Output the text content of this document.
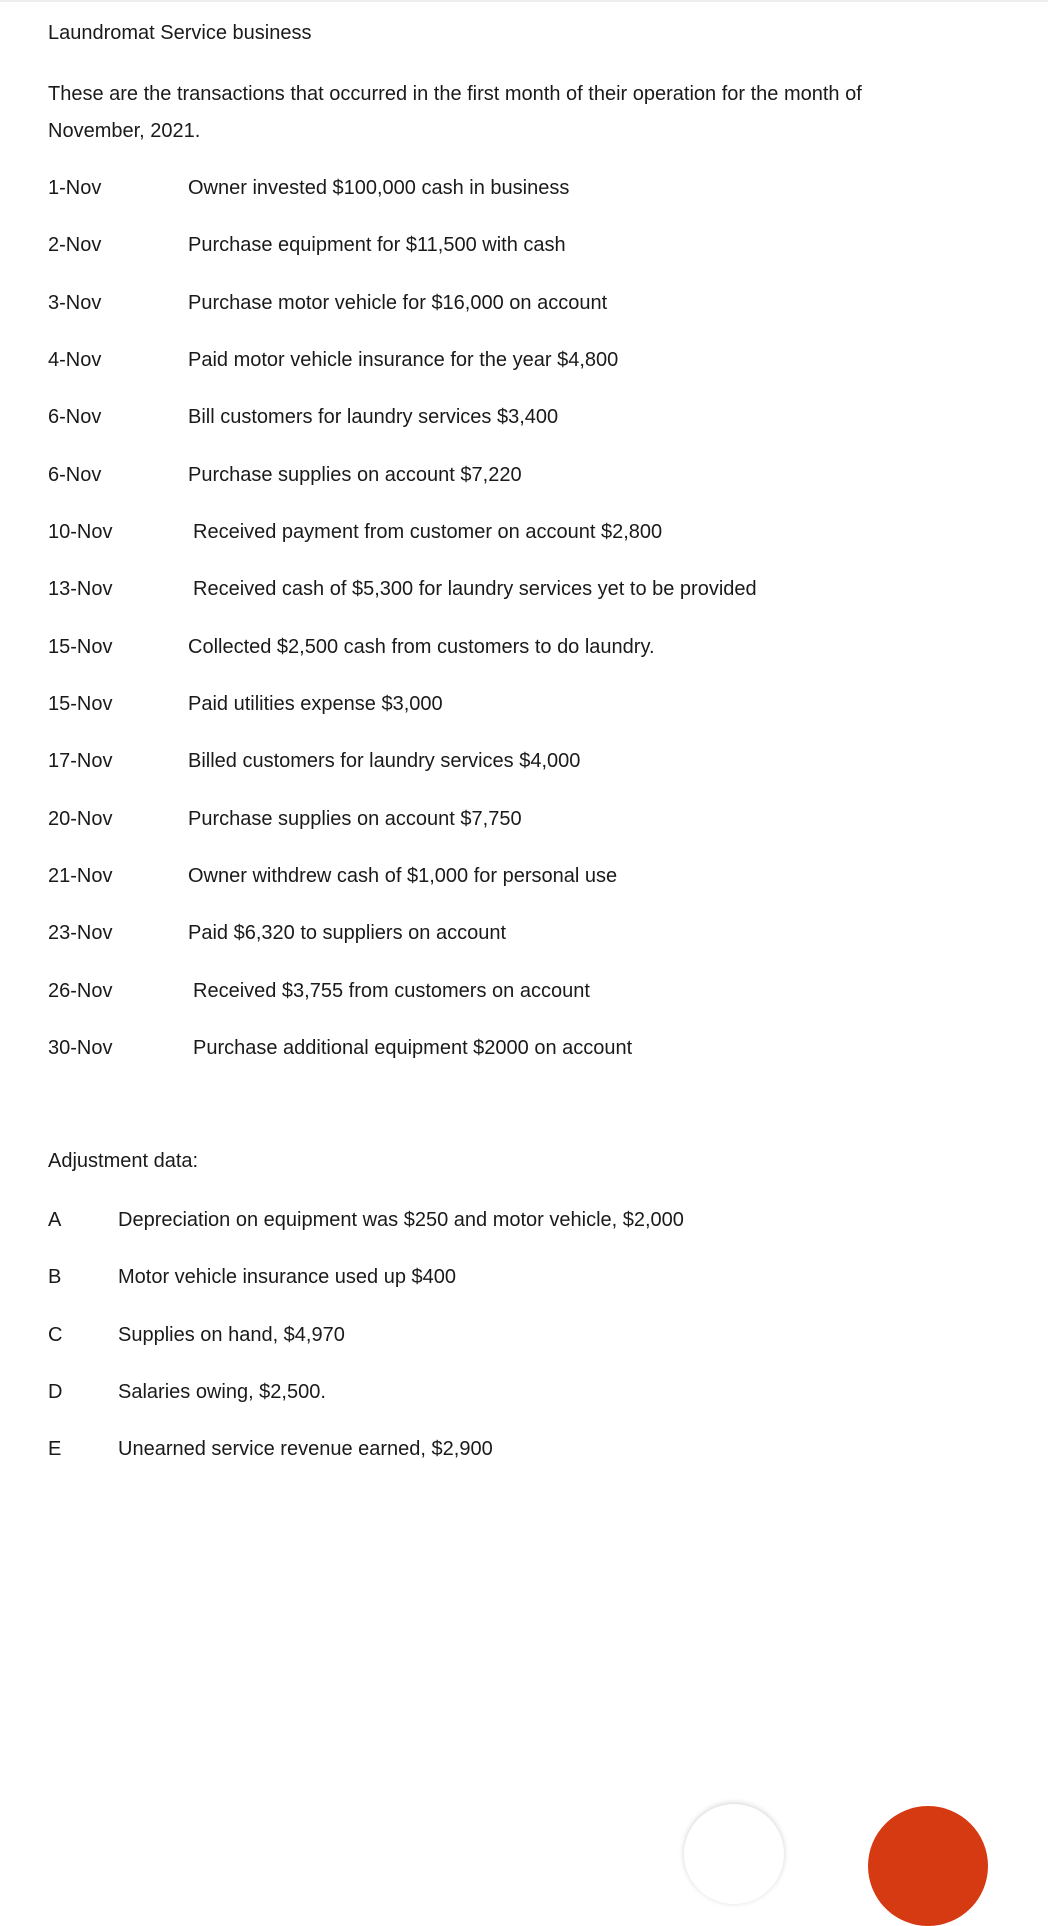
Laundromat Service business
These are the transactions that occurred in the first month of their operation for the month of November, 2021.
1-Nov	Owner invested $100,000 cash in business
2-Nov	Purchase equipment for $11,500 with cash
3-Nov	Purchase motor vehicle for $16,000 on account
4-Nov	Paid motor vehicle insurance for the year $4,800
6-Nov	Bill customers for laundry services $3,400
6-Nov	Purchase supplies on account $7,220
10-Nov	Received payment from customer on account $2,800
13-Nov	Received cash of $5,300 for laundry services yet to be provided
15-Nov	Collected $2,500 cash from customers to do laundry.
15-Nov	Paid utilities expense $3,000
17-Nov	Billed customers for laundry services $4,000
20-Nov	Purchase supplies on account $7,750
21-Nov	Owner withdrew cash of $1,000 for personal use
23-Nov	Paid $6,320 to suppliers on account
26-Nov	Received $3,755 from customers on account
30-Nov	Purchase additional equipment $2000 on account
Adjustment data:
A	Depreciation on equipment was $250 and motor vehicle, $2,000
B	Motor vehicle insurance used up $400
C	Supplies on hand, $4,970
D	Salaries owing, $2,500.
E	Unearned service revenue earned, $2,900
